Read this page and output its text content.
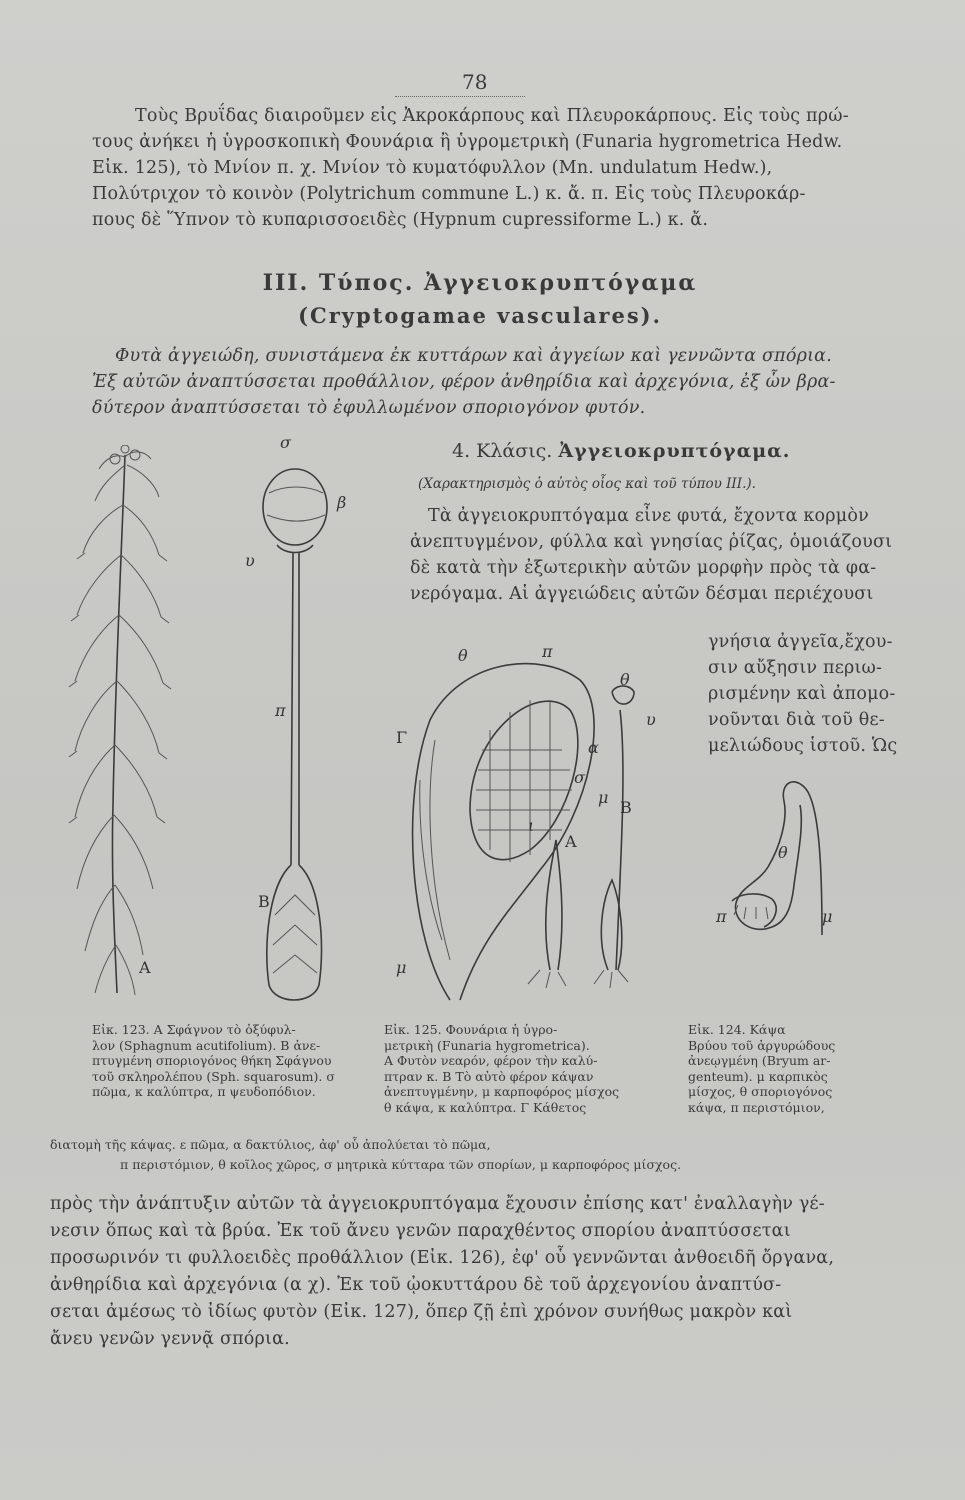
78
Τοὺς Βρυΐδας διαιροῦμεν εἰς Ἀκροκάρπους καὶ Πλευροκάρπους. Εἰς τοὺς πρώ-
τους ἀνήκει ἡ ὑγροσκοπικὴ Φουνάρια ἢ ὑγρομετρικὴ (Funaria hygrometrica Hedw.
Εἰκ. 125), τὸ Μνίον π. χ. Μνίον τὸ κυματόφυλλον (Mn. undulatum Hedw.),
Πολύτριχον τὸ κοινὸν (Polytrichum commune L.) κ. ἄ. π. Εἰς τοὺς Πλευροκάρ-
πους δὲ Ὕπνον τὸ κυπαρισσοειδὲς (Hypnum cupressiforme L.) κ. ἄ.
III. Τύπος. Ἀγγειοκρυπτόγαμα
(Cryptogamae vasculares).
Φυτὰ ἀγγειώδη, συνιστάμενα ἐκ κυττάρων καὶ ἀγγείων καὶ γεννῶντα σπόρια.
Ἐξ αὐτῶν ἀναπτύσσεται προθάλλιον, φέρον ἀνθηρίδια καὶ ἀρχεγόνια, ἐξ ὧν βρα-
δύτερον ἀναπτύσσεται τὸ ἐφυλλωμένον σποριογόνον φυτόν.
4. Κλάσις. Ἀγγειοκρυπτόγαμα.
(Χαρακτηρισμὸς ὁ αὐτὸς οἷος καὶ τοῦ τύπου III.).
Τὰ ἀγγειοκρυπτόγαμα εἶνε φυτά, ἔχοντα κορμὸν
ἀνεπτυγμένον, φύλλα καὶ γνησίας ῥίζας, ὁμοιάζουσι
δὲ κατὰ τὴν ἐξωτερικὴν αὐτῶν μορφὴν πρὸς τὰ φα-
νερόγαμα. Αἱ ἀγγειώδεις αὐτῶν δέσμαι περιέχουσι
γνήσια ἀγγεῖα,ἔχου-
σιν αὔξησιν περιω-
ρισμένην καὶ ἀπομο-
νοῦνται διὰ τοῦ θε-
μελιώδους ἱστοῦ. Ὡς
σ
β
υ
π
Α
Β
θ	π
Γ
θ
υ
α
σ
μ
Β
ι
Α
μ
θ
π	μ
Εἰκ. 123. Α Σφάγνον τὸ ὀξύφυλ-
λον (Sphagnum acutifolium). Β ἀνε-
πτυγμένη σποριογόνος θήκη Σφάγνου
τοῦ σκληρολέπου (Sph. squarosum). σ
πῶμα, κ καλύπτρα, π ψευδοπόδιον.
Εἰκ. 125. Φουνάρια ἡ ὑγρο-
μετρικὴ (Funaria hygrometrica).
Α Φυτὸν νεαρόν, φέρον τὴν καλύ-
πτραν κ. Β Τὸ αὐτὸ φέρον κάψαν
ἀνεπτυγμένην, μ καρποφόρος μίσχος
θ κάψα, κ καλύπτρα. Γ Κάθετος
Εἰκ. 124. Κάψα
Βρύου τοῦ ἀργυρώδους
ἀνεῳγμένη (Bryum ar-
genteum). μ καρπικὸς
μίσχος, θ σποριογόνος
κάψα, π περιστόμιον,
διατομὴ τῆς κάψας. ε πῶμα, α δακτύλιος, ἀφ' οὗ ἀπολύεται τὸ πῶμα,
π περιστόμιον, θ κοῖλος χῶρος, σ μητρικὰ κύτταρα τῶν σπορίων, μ καρποφόρος μίσχος.
πρὸς τὴν ἀνάπτυξιν αὐτῶν τὰ ἀγγειοκρυπτόγαμα ἔχουσιν ἐπίσης κατ' ἐναλλαγὴν γέ-
νεσιν ὅπως καὶ τὰ βρύα. Ἐκ τοῦ ἄνευ γενῶν παραχθέντος σπορίου ἀναπτύσσεται
προσωρινόν τι φυλλοειδὲς προθάλλιον (Εἰκ. 126), ἐφ' οὗ γεννῶνται ἀνθοειδῆ ὄργανα,
ἀνθηρίδια καὶ ἀρχεγόνια (α χ). Ἐκ τοῦ ᾠοκυττάρου δὲ τοῦ ἀρχεγονίου ἀναπτύσ-
σεται ἀμέσως τὸ ἰδίως φυτὸν (Εἰκ. 127), ὅπερ ζῇ ἐπὶ χρόνον συνήθως μακρὸν καὶ
ἄνευ γενῶν γεννᾷ σπόρια.
